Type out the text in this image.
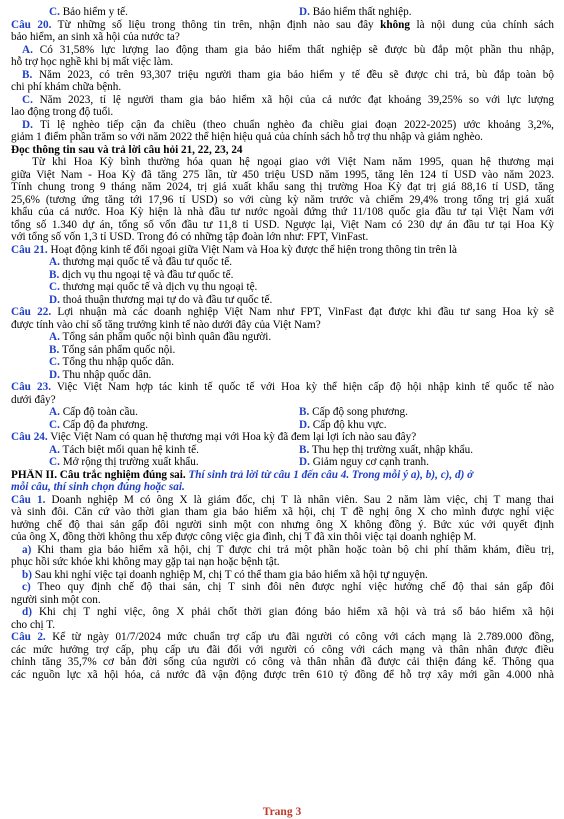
C. Bảo hiểm y tế.	D. Bảo hiểm thất nghiệp.
Câu 20. Từ những số liệu trong thông tin trên, nhận định nào sau đây không là nội dung của chính sách
bảo hiểm, an sinh xã hội của nước ta?
A. Có 31,58% lực lượng lao động tham gia bảo hiểm thất nghiệp sẽ được bù đắp một phần thu nhập,
hỗ trợ học nghề khi bị mất việc làm.
B. Năm 2023, có trên 93,307 triệu người tham gia bảo hiểm y tế đều sẽ được chi trả, bù đắp toàn bộ
chi phí khám chữa bệnh.
C. Năm 2023, tỉ lệ người tham gia bảo hiểm xã hội của cả nước đạt khoảng 39,25% so với lực lượng
lao động trong độ tuổi.
D. Tỉ lệ nghèo tiếp cận đa chiều (theo chuẩn nghèo đa chiều giai đoạn 2022-2025) ước khoảng 3,2%,
giảm 1 điểm phần trăm so với năm 2022 thể hiện hiệu quả của chính sách hỗ trợ thu nhập và giảm nghèo.
Đọc thông tin sau và trả lời câu hỏi 21, 22, 23, 24
Từ khi Hoa Kỳ bình thường hóa quan hệ ngoại giao với Việt Nam năm 1995, quan hệ thương mại
giữa Việt Nam - Hoa Kỳ đã tăng 275 lần, từ 450 triệu USD năm 1995, tăng lên 124 tỉ USD vào năm 2023.
Tính chung trong 9 tháng năm 2024, trị giá xuất khẩu sang thị trường Hoa Kỳ đạt trị giá 88,16 tỉ USD, tăng
25,6% (tương ứng tăng tới 17,96 tỉ USD) so với cùng kỳ năm trước và chiếm 29,4% trong tổng trị giá xuất
khẩu của cả nước. Hoa Kỳ hiện là nhà đầu tư nước ngoài đứng thứ 11/108 quốc gia đầu tư tại Việt Nam với
tổng số 1.340 dự án, tổng số vốn đầu tư 11,8 tỉ USD. Ngược lại, Việt Nam có 230 dự án đầu tư tại Hoa Kỳ
với tổng số vốn 1,3 tỉ USD. Trong đó có những tập đoàn lớn như: FPT, VinFast.
Câu 21. Hoạt động kinh tế đối ngoại giữa Việt Nam và Hoa kỳ được thể hiện trong thông tin trên là
A. thương mại quốc tế và đầu tư quốc tế.
B. dịch vụ thu ngoại tệ và đầu tư quốc tế.
C. thương mại quốc tế và dịch vụ thu ngoại tệ.
D. thoả thuận thương mại tự do và đầu tư quốc tế.
Câu 22. Lợi nhuận mà các doanh nghiệp Việt Nam như FPT, VinFast đạt được khi đầu tư sang Hoa kỳ sẽ
được tính vào chỉ số tăng trưởng kinh tế nào dưới đây của Việt Nam?
A. Tổng sản phẩm quốc nội bình quân đầu người.
B. Tổng sản phẩm quốc nội.
C. Tổng thu nhập quốc dân.
D. Thu nhập quốc dân.
Câu 23. Việc Việt Nam hợp tác kinh tế quốc tế với Hoa kỳ thể hiện cấp độ hội nhập kinh tế quốc tế nào
dưới đây?
A. Cấp độ toàn cầu.	B. Cấp độ song phương.
C. Cấp độ đa phương.	D. Cấp độ khu vực.
Câu 24. Việc Việt Nam có quan hệ thương mại với Hoa kỳ đã đem lại lợi ích nào sau đây?
A. Tách biệt mối quan hệ kinh tế.	B. Thu hẹp thị trường xuất, nhập khẩu.
C. Mở rộng thị trường xuất khẩu.	D. Giảm nguy cơ cạnh tranh.
PHẦN II. Câu trắc nghiệm đúng sai. Thí sinh trả lời từ câu 1 đến câu 4. Trong mỗi ý a), b), c), d) ở
mỗi câu, thí sinh chọn đúng hoặc sai.
Câu 1. Doanh nghiệp M có ông X là giám đốc, chị T là nhân viên. Sau 2 năm làm việc, chị T mang thai
và sinh đôi. Căn cứ vào thời gian tham gia bảo hiểm xã hội, chị T đề nghị ông X cho mình được nghỉ việc
hưởng chế độ thai sản gấp đôi người sinh một con nhưng ông X không đồng ý. Bức xúc với quyết định
của ông X, đồng thời không thu xếp được công việc gia đình, chị T đã xin thôi việc tại doanh nghiệp M.
a) Khi tham gia bảo hiểm xã hội, chị T được chi trả một phần hoặc toàn bộ chi phí thăm khám, điều trị,
phục hồi sức khỏe khi không may gặp tai nạn hoặc bệnh tật.
b) Sau khi nghỉ việc tại doanh nghiệp M, chị T có thể tham gia bảo hiểm xã hội tự nguyện.
c) Theo quy định chế độ thai sản, chị T sinh đôi nên được nghỉ việc hưởng chế độ thai sản gấp đôi
người sinh một con.
d) Khi chị T nghỉ việc, ông X phải chốt thời gian đóng bảo hiểm xã hội và trả sổ bảo hiểm xã hội
cho chị T.
Câu 2. Kể từ ngày 01/7/2024 mức chuẩn trợ cấp ưu đãi người có công với cách mạng là 2.789.000 đồng,
các mức hưởng trợ cấp, phụ cấp ưu đãi đối với người có công với cách mạng và thân nhân được điều
chỉnh tăng 35,7% cơ bản đời sống của người có công và thân nhân đã được cải thiện đáng kể. Thông qua
các nguồn lực xã hội hóa, cả nước đã vận động được trên 610 tỷ đồng để hỗ trợ xây mới gần 4.000 nhà
Trang 3
